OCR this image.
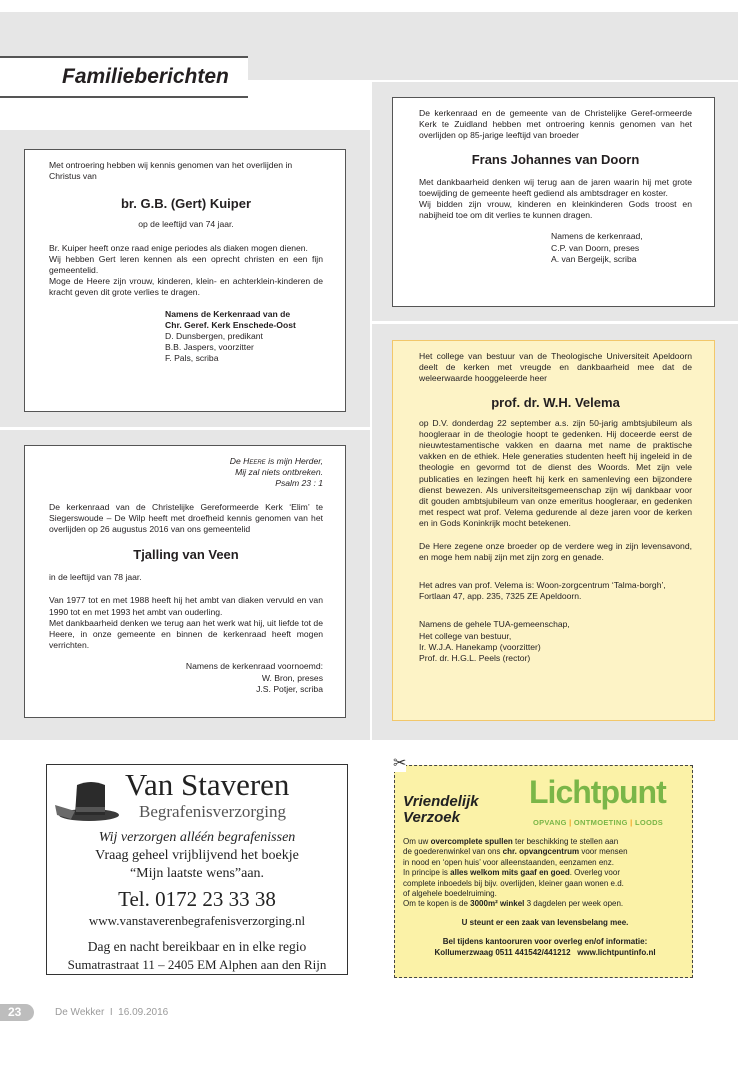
Familieberichten

Met ontroering hebben wij kennis genomen van het overlijden in Christus van

br. G.B. (Gert) Kuiper

op de leeftijd van 74 jaar.

Br. Kuiper heeft onze raad enige periodes als diaken mogen dienen.

Wij hebben Gert leren kennen als een oprecht christen en een fijn gemeentelid.

Moge de Heere zijn vrouw, kinderen, klein- en achterklein-kinderen de kracht geven dit grote verlies te dragen.

Namens de Kerkenraad van de

Chr. Geref. Kerk Enschede-Oost

D. Dunsbergen, predikant

B.B. Jaspers, voorzitter

F. Pals, scriba

De kerkenraad en de gemeente van de Christelijke Geref-ormeerde Kerk te Zuidland hebben met ontroering kennis genomen van het overlijden op 85-jarige leeftijd van broeder

Frans Johannes van Doorn

Met dankbaarheid denken wij terug aan de jaren waarin hij met grote toewijding de gemeente heeft gediend als ambtsdrager en koster.

Wij bidden zijn vrouw, kinderen en kleinkinderen Gods troost en nabijheid toe om dit verlies te kunnen dragen.

Namens de kerkenraad,

C.P. van Doorn, preses

A. van Bergeijk, scriba

De Heere is mijn Herder,

Mij zal niets ontbreken.

Psalm 23 : 1

De kerkenraad van de Christelijke Gereformeerde Kerk ‘Elim’ te Siegerswoude – De Wilp heeft met droefheid kennis genomen van het overlijden op 26 augustus 2016 van ons gemeentelid

Tjalling van Veen

in de leeftijd van 78 jaar.

Van 1977 tot en met 1988 heeft hij het ambt van diaken vervuld en van 1990 tot en met 1993 het ambt van ouderling.

Met dankbaarheid denken we terug aan het werk wat hij, uit liefde tot de Heere, in onze gemeente en binnen de kerkenraad heeft mogen verrichten.

Namens de kerkenraad voornoemd:

W. Bron, preses

J.S. Potjer, scriba

Het college van bestuur van de Theologische Universiteit Apeldoorn deelt de kerken met vreugde en dankbaarheid mee dat de weleerwaarde hooggeleerde heer

prof. dr. W.H. Velema

op D.V. donderdag 22 september a.s. zijn 50-jarig ambtsjubileum als hoogleraar in de theologie hoopt te gedenken. Hij doceerde eerst de nieuwtestamentische vakken en daarna met name de praktische vakken en de ethiek. Hele generaties studenten heeft hij ingeleid in de theologie en gevormd tot de dienst des Woords. Met zijn vele publicaties en lezingen heeft hij kerk en samenleving een bijzondere dienst bewezen. Als universiteitsgemeenschap zijn wij dankbaar voor dit gouden ambtsjubileum van onze emeritus hoogleraar, en gedenken met respect wat prof. Velema gedurende al deze jaren voor de kerken en in Gods Koninkrijk mocht betekenen.

De Here zegene onze broeder op de verdere weg in zijn levensavond, en moge hem nabij zijn met zijn zorg en genade.

Het adres van prof. Velema is: Woon-zorgcentrum ‘Talma-borgh’, Fortlaan 47, app. 235, 7325 ZE Apeldoorn.

Namens de gehele TUA-gemeenschap,

Het college van bestuur,

Ir. W.J.A. Hanekamp (voorzitter)

Prof. dr. H.G.L. Peels (rector)

Van Staveren
Begrafenisverzorging

Wij verzorgen alléén begrafenissen

Vraag geheel vrijblijvend het boekje

“Mijn laatste wens”aan.

Tel. 0172 23 33 38

www.vanstaverenbegrafenisverzorging.nl

Dag en nacht bereikbaar en in elke regio

Sumatrastraat 11 – 2405 EM Alphen aan den Rijn

✂
Vriendelijk
Verzoek
Lichtpunt
OPVANG | ONTMOETING | LOODS

Om uw overcomplete spullen ter beschikking te stellen aan

de goederenwinkel van ons chr. opvangcentrum voor mensen

in nood en ‘open huis’ voor alleenstaanden, eenzamen enz.

In principe is alles welkom mits gaaf en goed. Overleg voor

complete inboedels bij bijv. overlijden, kleiner gaan wonen e.d.

of algehele boedelruiming.

Om te kopen is de 3000m² winkel 3 dagdelen per week open.

U steunt er een zaak van levensbelang mee.

Bel tijdens kantooruren voor overleg en/of informatie:

Kollumerzwaag 0511 441542/441212   www.lichtpuntinfo.nl

23	De Wekker  I  16.09.2016
